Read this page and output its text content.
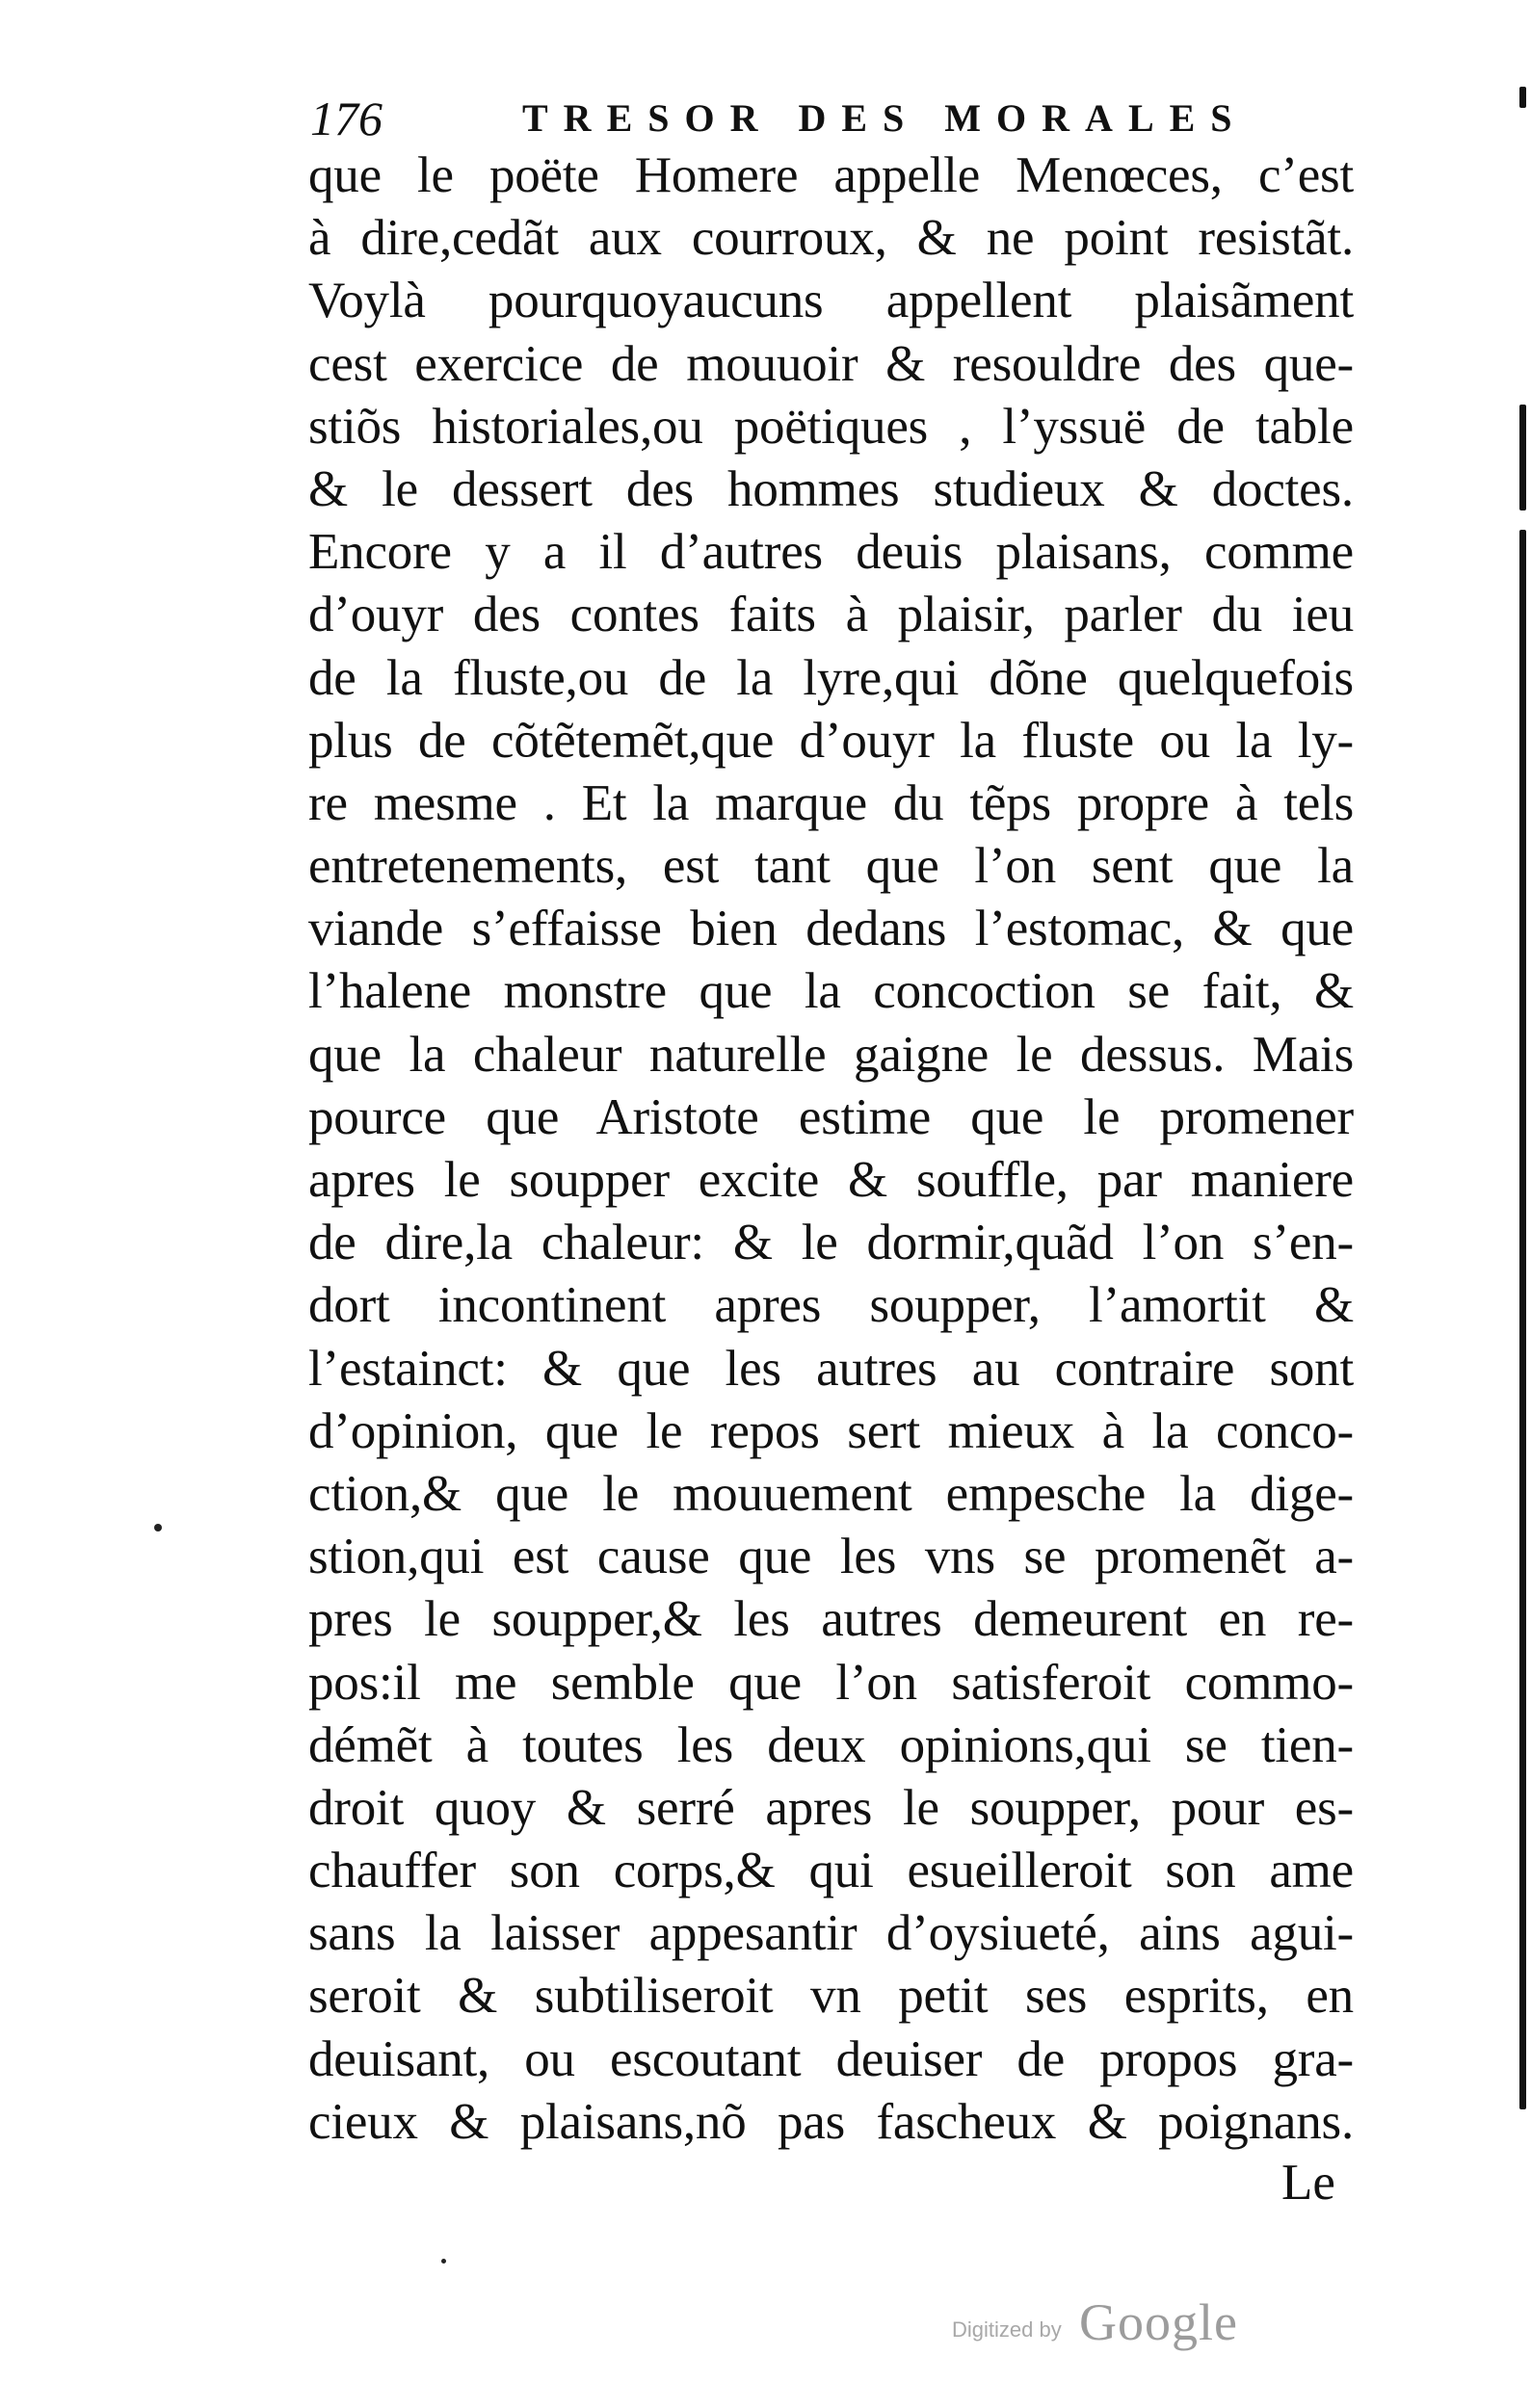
176	TRESOR DES MORALES
que le poëte Homere appelle Menœces, c’est
à dire,cedãt aux courroux, & ne point resistãt.
Voylà pourquoyaucuns appellent plaisãment
cest exercice de mouuoir & resouldre des que-
stiõs historiales,ou poëtiques , l’yssuë de table
& le dessert des hommes studieux & doctes.
Encore y a il d’autres deuis plaisans, comme
d’ouyr des contes faits à plaisir, parler du ieu
de la fluste,ou de la lyre,qui dõne quelquefois
plus de cõtẽtemẽt,que d’ouyr la fluste ou la ly-
re mesme . Et la marque du tẽps propre à tels
entretenements, est tant que l’on sent que la
viande s’effaisse bien dedans l’estomac, & que
l’halene monstre que la concoction se fait, &
que la chaleur naturelle gaigne le dessus. Mais
pource que Aristote estime que le promener
apres le soupper excite & souffle, par maniere
de dire,la chaleur: & le dormir,quãd l’on s’en-
dort incontinent apres soupper, l’amortit &
l’estainct: & que les autres au contraire sont
d’opinion, que le repos sert mieux à la conco-
ction,& que le mouuement empesche la dige-
stion,qui est cause que les vns se promenẽt a-
pres le soupper,& les autres demeurent en re-
pos:il me semble que l’on satisferoit commo-
démẽt à toutes les deux opinions,qui se tien-
droit quoy & serré apres le soupper, pour es-
chauffer son corps,& qui esueilleroit son ame
sans la laisser appesantir d’oysiueté, ains agui-
seroit & subtiliseroit vn petit ses esprits, en
deuisant, ou escoutant deuiser de propos gra-
cieux & plaisans,nõ pas fascheux & poignans.
Le
Digitized by Google
